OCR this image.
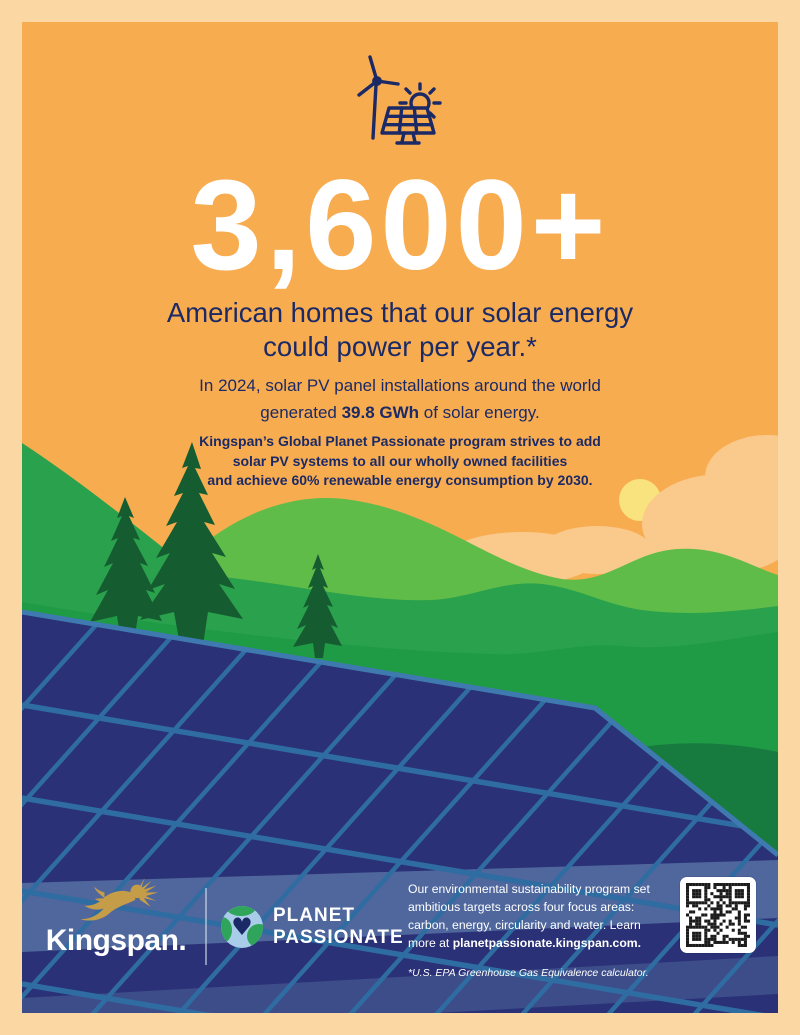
3,600+
American homes that our solar energy
could power per year.*
In 2024, solar PV panel installations around the world
generated 39.8 GWh of solar energy.
Kingspan’s Global Planet Passionate program strives to add
solar PV systems to all our wholly owned facilities
and achieve 60% renewable energy consumption by 2030.
Kingspan. ♥ PLANET
PASSIONATE
Our environmental sustainability program set
ambitious targets across four focus areas:
carbon, energy, circularity and water. Learn
more at planetpassionate.kingspan.com.
*U.S. EPA Greenhouse Gas Equivalence calculator.
